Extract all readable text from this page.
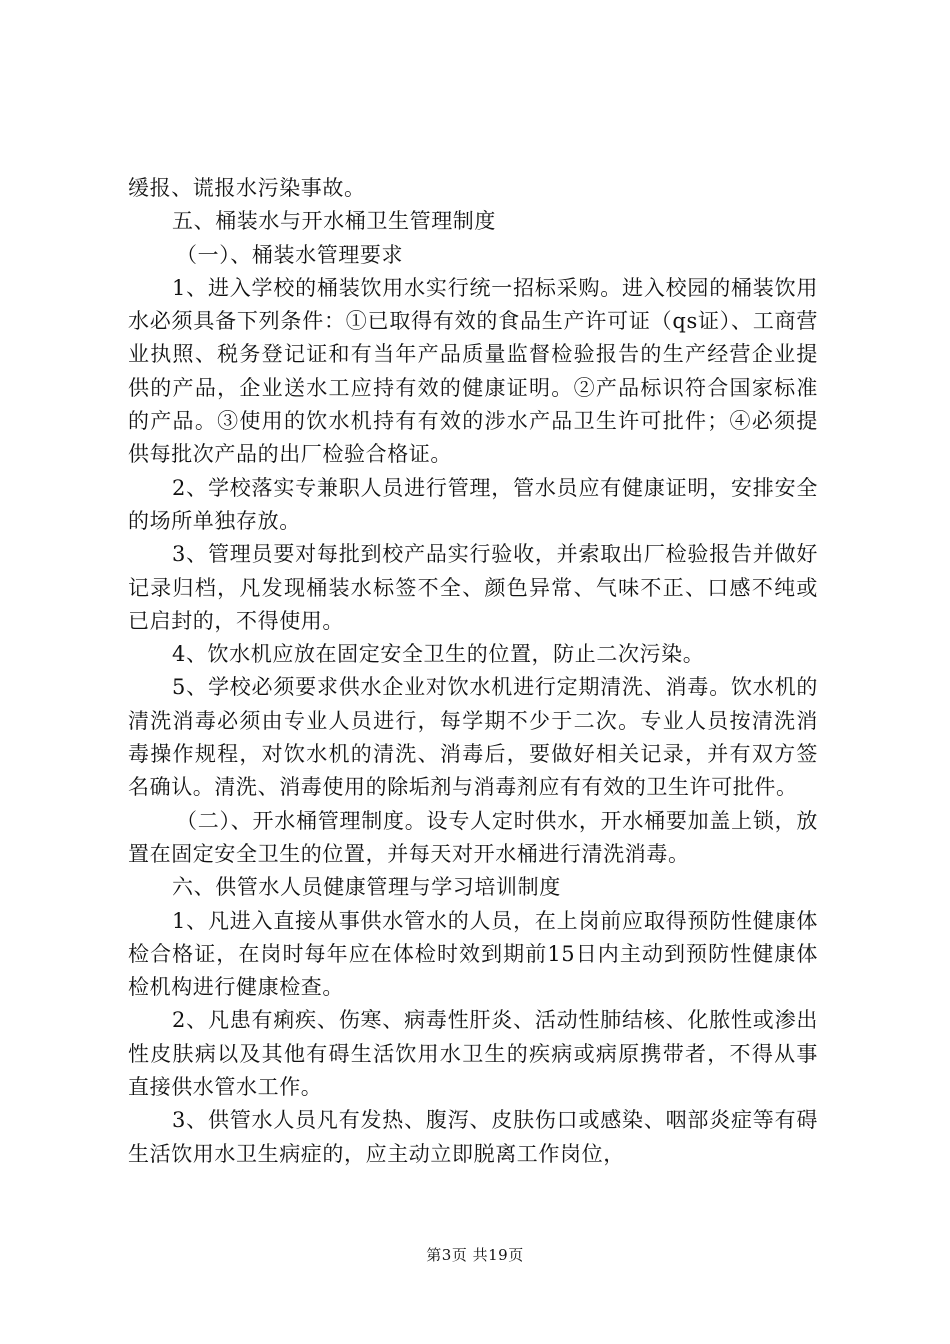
缓报、谎报水污染事故。

五、桶装水与开水桶卫生管理制度

（一）、桶装水管理要求

1、进入学校的桶装饮用水实行统一招标采购。进入校园的桶装饮用水必须具备下列条件：①已取得有效的食品生产许可证（qs证）、工商营业执照、税务登记证和有当年产品质量监督检验报告的生产经营企业提供的产品，企业送水工应持有效的健康证明。②产品标识符合国家标准的产品。③使用的饮水机持有有效的涉水产品卫生许可批件；④必须提供每批次产品的出厂检验合格证。

2、学校落实专兼职人员进行管理，管水员应有健康证明，安排安全的场所单独存放。

3、管理员要对每批到校产品实行验收，并索取出厂检验报告并做好记录归档，凡发现桶装水标签不全、颜色异常、气味不正、口感不纯或已启封的，不得使用。

4、饮水机应放在固定安全卫生的位置，防止二次污染。

5、学校必须要求供水企业对饮水机进行定期清洗、消毒。饮水机的清洗消毒必须由专业人员进行，每学期不少于二次。专业人员按清洗消毒操作规程，对饮水机的清洗、消毒后，要做好相关记录，并有双方签名确认。清洗、消毒使用的除垢剂与消毒剂应有有效的卫生许可批件。

（二）、开水桶管理制度。设专人定时供水，开水桶要加盖上锁，放置在固定安全卫生的位置，并每天对开水桶进行清洗消毒。

六、供管水人员健康管理与学习培训制度

1、凡进入直接从事供水管水的人员，在上岗前应取得预防性健康体检合格证，在岗时每年应在体检时效到期前15日内主动到预防性健康体检机构进行健康检查。

2、凡患有痢疾、伤寒、病毒性肝炎、活动性肺结核、化脓性或渗出性皮肤病以及其他有碍生活饮用水卫生的疾病或病原携带者，不得从事直接供水管水工作。

3、供管水人员凡有发热、腹泻、皮肤伤口或感染、咽部炎症等有碍生活饮用水卫生病症的，应主动立即脱离工作岗位，

第3页 共19页
